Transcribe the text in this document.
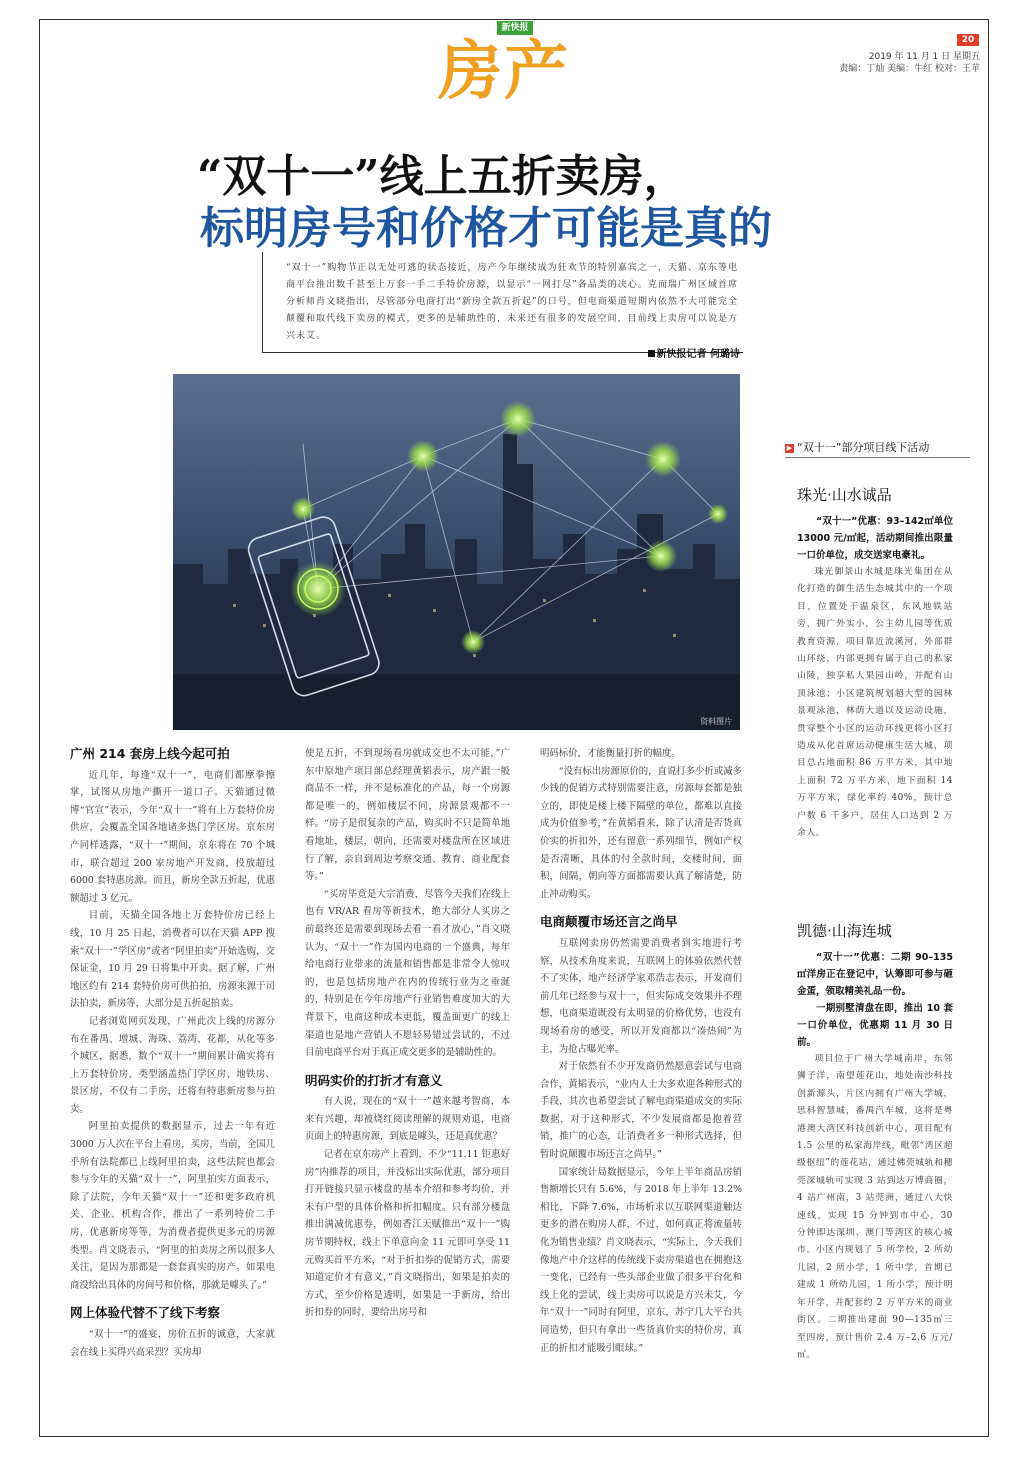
新快报
房产	20
2019 年 11 月 1 日 星期五
责编：丁灿 美编：牛红 校对：王苹
“双十一”线上五折卖房，
标明房号和价格才可能是真的
“双十一”购物节正以无处可逃的状态接近，房产今年继续成为狂欢节的特别嘉宾之一，天猫、京东等电商平台推出数千甚至上万套一手二手特价房源，以显示“一网打尽”各品类的决心。克而瑞广州区域首席分析师肖文晓指出，尽管部分电商打出“新房全款五折起”的口号，但电商渠道短期内依然不大可能完全颠覆和取代线下卖房的模式，更多的是辅助性的，未来还有很多的发展空间，目前线上卖房可以说是方兴未艾。
新快报记者 何璐诗
资料图片

广州 214 套房上线今起可拍

近几年，每逢“双十一”，电商们都摩拳擦掌，试图从房地产撕开一道口子。天猫通过微博“官宣”表示，今年“双十一”将有上万套特价房供应，会覆盖全国各地诸多热门学区房。京东房产同样透露，“双十一”期间，京东将在 70 个城市，联合超过 200 家房地产开发商，投放超过 6000 套特惠房源。而且，新房全款五折起，优惠额超过 3 亿元。

目前，天猫全国各地上万套特价房已经上线，10 月 25 日起，消费者可以在天猫 APP 搜索“双十一”学区房”或者“阿里拍卖”开始选购，交保证金，10 月 29 日将集中开卖。据了解，广州地区约有 214 套特价房可供拍拍，房源来源于司法拍卖，新房等，大部分是五折起拍卖。

记者浏览网页发现，广州此次上线的房源分布在番禺、增城、海珠、荔湾、花都，从化等多个城区，据悉，数个“双十一”期间累计确实将有上万套特价房，类型涵盖热门学区房、地铁房、景区房，不仅有二手房，还将有特惠新房参与拍卖。

阿里拍卖提供的数据显示，过去一年有近 3000 万人次在平台上看房，买房，当前，全国几乎所有法院都已上线阿里拍卖，这些法院也都会参与今年的天猫“双十一”，阿里拍实方面表示，除了法院，今年天猫“双十一”还和更多政府机关、企业、机构合作，推出了一系列特价二手房，优惠新房等等，为消费者提供更多元的房源类型。肖文晓表示，“阿里的拍卖房之所以很多人关注，是因为那都是一套套真实的房产。如果电商没给出具体的房间号和价格，那就是噱头了。”

网上体验代替不了线下考察

“双十一”的盛宴，房价五折的诚意，大家就会在线上买得兴高采烈？买房却

使是五折，不到现场看房就成交也不太可能，”广东中原地产项目部总经理黄韬表示，房产跟一般商品不一样，并不是标准化的产品，每一个房源都是唯一的，例如楼层不同，房源景观都不一样。“房子是很复杂的产品，购买时不只是简单地看地址，楼层，朝向，还需要对楼盘所在区域进行了解，亲自到周边考察交通、教育、商业配套等。”

“买房毕竟是大宗消费，尽管今天我们在线上也有 VR/AR 看房等新技术，绝大部分人买房之前最终还是需要到现场去看一看才放心，”肖文晓认为，“双十一”作为国内电商的一个盛典，每年给电商行业带来的流量和销售都是非常令人惊叹的，也是包括房地产在内的传统行业为之垂涎的，特别是在今年房地产行业销售难度加大的大背景下，电商这种成本更低，覆盖面更广的线上渠道也是地产营销人不愿轻易错过尝试的，不过目前电商平台对于真正成交更多的是辅助性的。

明码实价的打折才有意义

有人说，现在的“双十一”越来越考智商，本来有兴趣，却被烧红阅读理解的规则劝退，电商页面上的特惠房源，到底是噱头，还是真优惠？

记者在京东房产上看到，不少“11.11 钜惠好房”内推荐的项目，并没标出实际优惠，部分项目打开链接只显示楼盘的基本介绍和参考均价，并未有户型的具体价格和折扣幅度。只有部分楼盘推出满减优惠券，例如香江天赋推出“双十一”购房节期特权，线上下单意向金 11 元即可享受 11 元购买首平方米，“对于折扣券的促销方式，需要知道定价才有意义，”肖文晓指出，如果是拍卖的方式，至少价格是透明，如果是一手新房，给出折扣券的同时，要给出房号和

明码标价，才能衡量打折的幅度。

“没有标出房源原价的，直说打多少折或减多少钱的促销方式特别需要注意，房源每套都是独立的，即使是楼上楼下隔壁的单位，都难以直接成为价值参考，”在黄韬看来，除了认清是否货真价实的折扣外，还有留意一系列细节，例如产权是否清晰，具体的付全款时间，交楼时间，面积，间隔，朝向等方面都需要认真了解清楚，防止冲动购买。

电商颠覆市场还言之尚早

互联网卖房仍然需要消费者到实地进行考察，从技术角度来说，互联网上的体验依然代替不了实体，地产经济学家邓浩志表示，开发商们前几年已经参与双十一，但实际成交效果并不理想，电商渠道既没有太明显的价格优势，也没有现场看房的感受，所以开发商都以“凑热闹”为主，为抢占曝光率。

对于依然有不少开发商仍然愿意尝试与电商合作，黄韬表示，“业内人士大多欢迎各种形式的手段，其次也希望尝试了解电商渠道成交的实际数据，对于这种形式，不少发展商都是抱着营销，推广的心态，让消费者多一种形式选择，但暂时说颠覆市场还言之尚早。”

国家统计局数据显示，今年上半年商品房销售额增长只有 5.6%，与 2018 年上半年 13.2%相比，下降 7.6%，市场析求以互联网渠道触达更多的潜在购房人群，不过，如何真正将流量转化为销售业绩？肖文晓表示，“实际上，今天我们像地产中介这样的传统线下卖房渠道也在拥抱这一变化，已经有一些头部企业做了很多平台化和线上化的尝试，线上卖房可以说是方兴未艾，今年“双十一”同时有阿里，京东，苏宁几大平台共同造势，但只有拿出一些货真价实的特价房，真正的折扣才能吸引眼球。”

▶ “双十一”部分项目线下活动
珠光·山水诚品

“双十一”优惠：93–142㎡单位 13000 元/㎡起，活动期间推出限量一口价单位，成交送家电豪礼。

珠光御景山水城是珠光集团在从化打造的御生活生态城其中的一个项目，位置处于温泉区，东风地铁站旁，拥广外实小，公主幼儿园等优质教育资源，项目靠近流溪河，外部群山环绕，内部更拥有属于自己的私家山陵，独享私人果园山岭，并配有山顶泳池；小区建筑规划超大型的园林景观泳池，林荫大道以及运动设施，贯穿整个小区的运动环线更将小区打造成从化首席运动健康生活大城，项目总占地面积 86 万平方米，其中地上面积 72 万平方米，地下面积 14 万平方米，绿化率约 40%，预计总户数 6 千多户，居住人口达到 2 万余人。

凯德·山海连城

“双十一”优惠：二期 90–135㎡洋房正在登记中，认筹即可参与砸金蛋，领取精美礼品一份。

一期别墅清盘在即，推出 10 套一口价单位，优惠期 11 月 30 日前。

项目位于广州大学城南岸，东邻狮子洋，南望莲花山，地处南沙科技创新源头，片区内拥有广州大学城，思科智慧城，番禺汽车城，这将是粤港澳大湾区科技创新中心，项目配有 1.5 公里的私家海岸线，毗邻“湾区超级枢纽”的莲花站，通过佛莞城轨和穗莞深城轨可实现 3 站到达万博商圈，4 站广州南，3 站莞洲，通过八大快速线，实现 15 分钟到市中心，30 分钟即达深圳、澳门等湾区的核心城市。小区内规划了 5 所学校，2 所幼儿园，2 所小学，1 所中学，首期已建成 1 所幼儿园，1 所小学，预计明年开学，并配套约 2 万平方米的商业街区。二期推出建面 90—135㎡三至四房，预计售价 2.4 万–2.6 万元/㎡。
